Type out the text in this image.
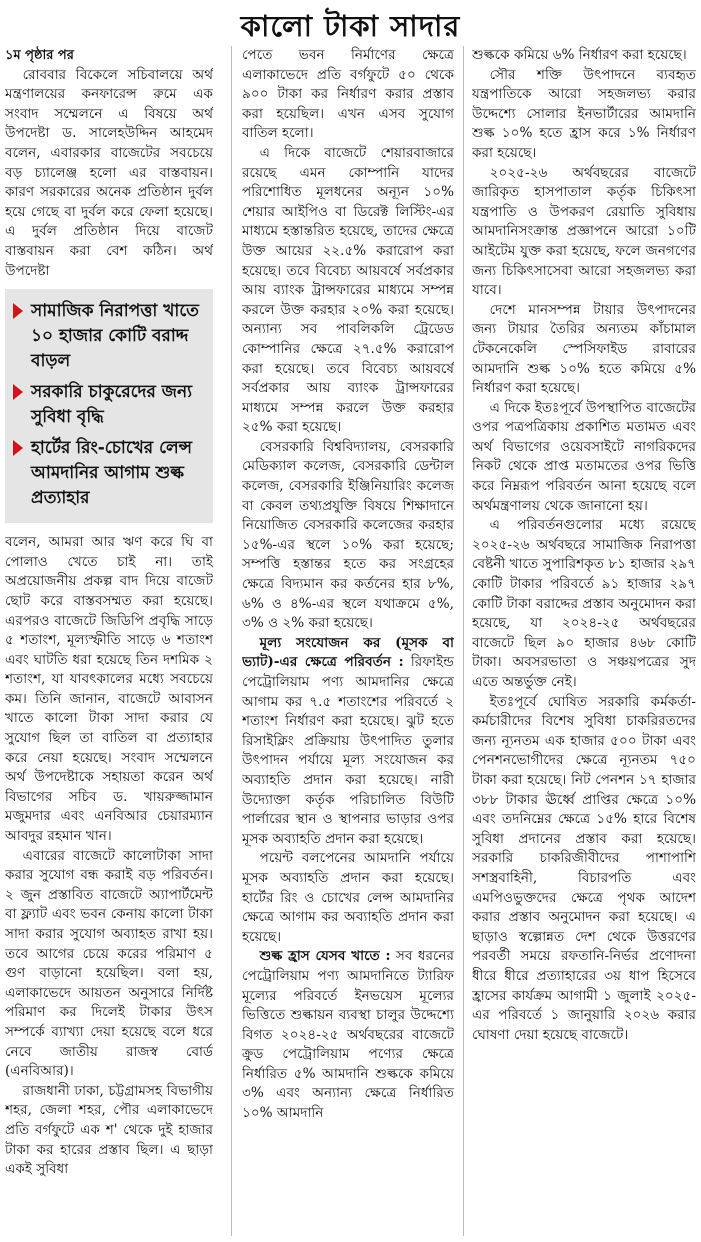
কালো টাকা সাদার

১ম পৃষ্ঠার পর

রোববার বিকেলে সচিবালয়ে অর্থ মন্ত্রণালয়ের কনফারেন্স রুমে এক সংবাদ সম্মেলনে এ বিষয়ে অর্থ উপদেষ্টা ড. সালেহউদ্দিন আহমেদ বলেন, এবারকার বাজেটের সবচেয়ে বড় চ্যালেঞ্জ হলো এর বাস্তবায়ন। কারণ সরকারের অনেক প্রতিষ্ঠান দুর্বল হয়ে গেছে বা দুর্বল করে ফেলা হয়েছে। এ দুর্বল প্রতিষ্ঠান দিয়ে বাজেট বাস্তবায়ন করা বেশ কঠিন। অর্থ উপদেষ্টা

সামাজিক নিরাপত্তা খাতে ১০ হাজার কোটি বরাদ্দ বাড়ল
সরকারি চাকুরেদের জন্য সুবিধা বৃদ্ধি
হার্টের রিং-চোখের লেন্স আমদানির আগাম শুল্ক প্রত্যাহার

বলেন, আমরা আর ঋণ করে ঘি বা পোলাও খেতে চাই না। তাই অপ্রয়োজনীয় প্রকল্প বাদ দিয়ে বাজেট ছোট করে বাস্তবসম্মত করা হয়েছে। এরপরও বাজেটে জিডিপি প্রবৃদ্ধি সাড়ে ৫ শতাংশ, মূল্যস্ফীতি সাড়ে ৬ শতাংশ এবং ঘাটতি ধরা হয়েছে তিন দশমিক ২ শতাংশ, যা যাবৎকালের মধ্যে সবচেয়ে কম। তিনি জানান, বাজেটে আবাসন খাতে কালো টাকা সাদা করার যে সুযোগ ছিল তা বাতিল বা প্রত্যাহার করে নেয়া হয়েছে। সংবাদ সম্মেলনে অর্থ উপদেষ্টাকে সহায়তা করেন অর্থ বিভাগের সচিব ড. খায়রুজ্জামান মজুমদার এবং এনবিআর চেয়ারম্যান আবদুর রহমান খান।

এবারের বাজেটে কালোটাকা সাদা করার সুযোগ বন্ধ করাই বড় পরিবর্তন। ২ জুন প্রস্তাবিত বাজেটে অ্যাপার্টমেন্ট বা ফ্ল্যাট এবং ভবন কেনায় কালো টাকা সাদা করার সুযোগ অব্যাহত রাখা হয়। তবে আগের চেয়ে করের পরিমাণ ৫ গুণ বাড়ানো হয়েছিল। বলা হয়, এলাকাভেদে আয়তন অনুসারে নির্দিষ্ট পরিমাণ কর দিলেই টাকার উৎস সম্পর্কে ব্যাখ্যা দেয়া হয়েছে বলে ধরে নেবে জাতীয় রাজস্ব বোর্ড (এনবিআর)।

রাজধানী ঢাকা, চট্টগ্রামসহ বিভাগীয় শহর, জেলা শহর, পৌর এলাকাভেদে প্রতি বর্গফুটে এক শ' থেকে দুই হাজার টাকা কর হারের প্রস্তাব ছিল। এ ছাড়া একই সুবিধা

পেতে ভবন নির্মাণের ক্ষেত্রে এলাকাভেদে প্রতি বর্গফুটে ৫০ থেকে ৯০০ টাকা কর নির্ধারণ করার প্রস্তাব করা হয়েছিল। এখন এসব সুযোগ বাতিল হলো।

এ দিকে বাজেটে শেয়ারবাজারে রয়েছে এমন কোম্পানি যাদের পরিশোধিত মূলধনের অন্যূন ১০% শেয়ার আইপিও বা ডিরেক্ট লিস্টিং-এর মাধ্যমে হস্তান্তরিত হয়েছে, তাদের ক্ষেত্রে উক্ত আয়ের ২২.৫% করারোপ করা হয়েছে। তবে বিবেচ্য আয়বর্ষে সর্বপ্রকার আয় ব্যাংক ট্রান্সফারের মাধ্যমে সম্পন্ন করলে উক্ত করহার ২০% করা হয়েছে। অন্যান্য সব পাবলিকলি ট্রেডেড কোম্পানির ক্ষেত্রে ২৭.৫% করারোপ করা হয়েছে। তবে বিবেচ্য আয়বর্ষে সর্বপ্রকার আয় ব্যাংক ট্রান্সফারের মাধ্যমে সম্পন্ন করলে উক্ত করহার ২৫% করা হয়েছে।

বেসরকারি বিশ্ববিদ্যালয়, বেসরকারি মেডিক্যাল কলেজ, বেসরকারি ডেন্টাল কলেজ, বেসরকারি ইঞ্জিনিয়ারিং কলেজ বা কেবল তথ্যপ্রযুক্তি বিষয়ে শিক্ষাদানে নিয়োজিত বেসরকারি কলেজের করহার ১৫%-এর স্থলে ১০% করা হয়েছে; সম্পত্তি হস্তান্তর হতে কর সংগ্রহের ক্ষেত্রে বিদ্যমান কর কর্তনের হার ৮%, ৬% ও ৪%-এর স্থলে যথাক্রমে ৫%, ৩% ও ২% করা হয়েছে।

মূল্য সংযোজন কর (মূসক বা ভ্যাট)-এর ক্ষেত্রে পরিবর্তন : রিফাইন্ড পেট্রোলিয়াম পণ্য আমদানির ক্ষেত্রে আগাম কর ৭.৫ শতাংশের পরিবর্তে ২ শতাংশ নির্ধারণ করা হয়েছে। ঝুট হতে রিসাইক্লিং প্রক্রিয়ায় উৎপাদিত তুলার উৎপাদন পর্যায়ে মূল্য সংযোজন কর অব্যাহতি প্রদান করা হয়েছে। নারী উদ্যোক্তা কর্তৃক পরিচালিত বিউটি পার্লারের স্থান ও স্থাপনার ভাড়ার ওপর মূসক অব্যাহতি প্রদান করা হয়েছে।

পয়েন্ট বলপেনের আমদানি পর্যায়ে মূসক অব্যাহতি প্রদান করা হয়েছে। হার্টের রিং ও চোখের লেন্স আমদানির ক্ষেত্রে আগাম কর অব্যাহতি প্রদান করা হয়েছে।

শুল্ক হ্রাস যেসব খাতে : সব ধরনের পেট্রোলিয়াম পণ্য আমদানিতে ট্যারিফ মূল্যের পরিবর্তে ইনভয়েস মূল্যের ভিত্তিতে শুল্কায়ন ব্যবস্থা চালুর উদ্দেশ্যে বিগত ২০২৪-২৫ অর্থবছরের বাজেটে ক্রুড পেট্রোলিয়াম পণ্যের ক্ষেত্রে নির্ধারিত ৫% আমদানি শুল্ককে কমিয়ে ৩% এবং অন্যান্য ক্ষেত্রে নির্ধারিত ১০% আমদানি

শুল্ককে কমিয়ে ৬% নির্ধারণ করা হয়েছে।

সৌর শক্তি উৎপাদনে ব্যবহৃত যন্ত্রপাতিকে আরো সহজলভ্য করার উদ্দেশ্যে সোলার ইনভার্টারের আমদানি শুল্ক ১০% হতে হ্রাস করে ১% নির্ধারণ করা হয়েছে।

২০২৫-২৬ অর্থবছরের বাজেটে জারিকৃত হাসপাতাল কর্তৃক চিকিৎসা যন্ত্রপাতি ও উপকরণ রেয়াতি সুবিধায় আমদানিসংক্রান্ত প্রজ্ঞাপনে আরো ১০টি আইটেম যুক্ত করা হয়েছে, ফলে জনগণের জন্য চিকিৎসাসেবা আরো সহজলভ্য করা যাবে।

দেশে মানসম্পন্ন টায়ার উৎপাদনের জন্য টায়ার তৈরির অন্যতম কাঁচামাল টেকনেকেলি স্পেসিফাইড রাবারের আমদানি শুল্ক ১০% হতে কমিয়ে ৫% নির্ধারণ করা হয়েছে।

এ দিকে ইতঃপূর্বে উপস্থাপিত বাজেটের ওপর পত্রপত্রিকায় প্রকাশিত মতামত এবং অর্থ বিভাগের ওয়েবসাইটে নাগরিকদের নিকট থেকে প্রাপ্ত মতামতের ওপর ভিত্তি করে নিম্নরূপ পরিবর্তন আনা হয়েছে বলে অর্থমন্ত্রণালয় থেকে জানানো হয়।

এ পরিবর্তনগুলোর মধ্যে রয়েছে ২০২৫-২৬ অর্থবছরে সামাজিক নিরাপত্তা বেষ্টনী খাতে সুপারিশকৃত ৮১ হাজার ২৯৭ কোটি টাকার পরিবর্তে ৯১ হাজার ২৯৭ কোটি টাকা বরাদ্দের প্রস্তাব অনুমোদন করা হয়েছে, যা ২০২৪-২৫ অর্থবছরের বাজেটে ছিল ৯০ হাজার ৪৬৮ কোটি টাকা। অবসরভাতা ও সঞ্চয়পত্রের সুদ এতে অন্তর্ভুক্ত নেই।

ইতঃপূর্বে ঘোষিত সরকারি কর্মকর্তা-কর্মচারীদের বিশেষ সুবিধা চাকরিরতদের জন্য ন্যূনতম এক হাজার ৫০০ টাকা এবং পেনশনভোগীদের ক্ষেত্রে ন্যূনতম ৭৫০ টাকা করা হয়েছে। নিট পেনশন ১৭ হাজার ৩৮৮ টাকার ঊর্ধ্বে প্রাপ্তির ক্ষেত্রে ১০% এবং তদনিম্নের ক্ষেত্রে ১৫% হারে বিশেষ সুবিধা প্রদানের প্রস্তাব করা হয়েছে। সরকারি চাকরিজীবীদের পাশাপাশি সশস্ত্রবাহিনী, বিচারপতি এবং এমপিওভুক্তদের ক্ষেত্রে পৃথক আদেশ করার প্রস্তাব অনুমোদন করা হয়েছে। এ ছাড়াও স্বল্পোন্নত দেশ থেকে উত্তরণের পরবর্তী সময়ে রফতানি-নির্ভর প্রণোদনা ধীরে ধীরে প্রত্যাহারের ৩য় ধাপ হিসেবে হ্রাসের কার্যক্রম আগামী ১ জুলাই ২০২৫-এর পরিবর্তে ১ জানুয়ারি ২০২৬ করার ঘোষণা দেয়া হয়েছে বাজেটে।
